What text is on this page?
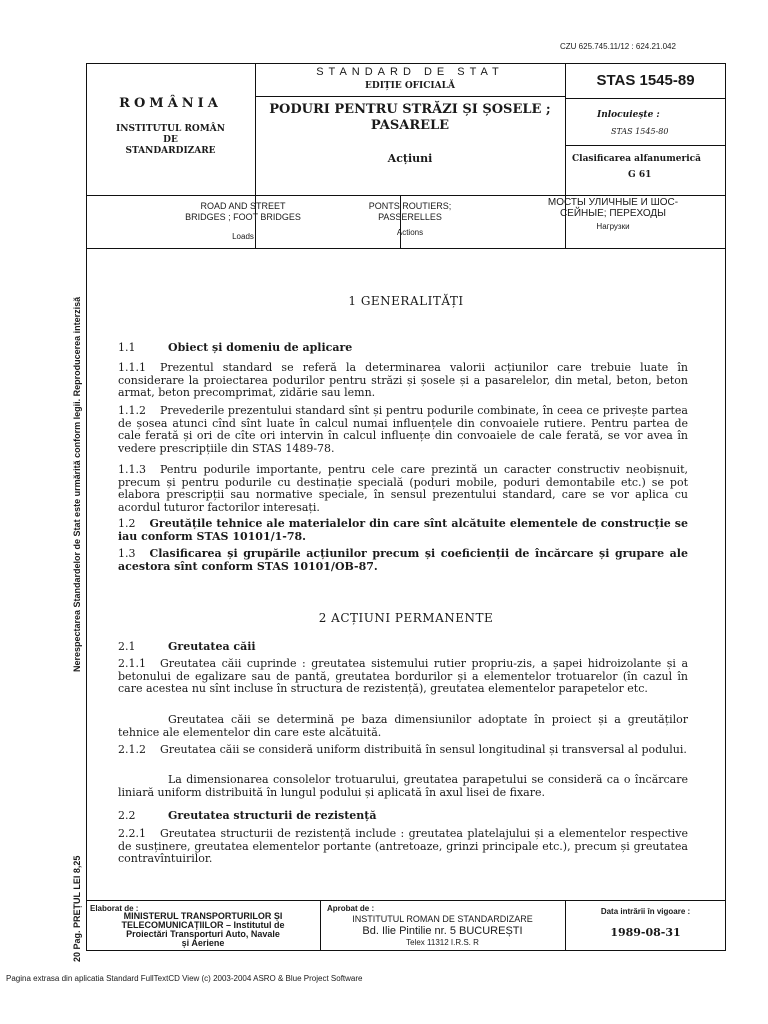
CZU 625.745.11/12 : 624.21.042
ROMÂNIA
INSTITUTUL ROMÂN
DE
STANDARDIZARE
STANDARD DE STAT
EDIȚIE OFICIALĂ
PODURI PENTRU STRĂZI ȘI ȘOSELE ;
PASARELE
Acțiuni
STAS 1545-89
Inlocuiește :
STAS 1545-80
Clasificarea alfanumerică
G 61
ROAD AND STREET
BRIDGES ; FOOT BRIDGES
Loads
PONTS ROUTIERS;
PASSERELLES
Actions
МОСТЫ УЛИЧНЫЕ И ШОС-
СЕЙНЫЕ; ПЕРЕХОДЫ
Нагрузки
1 GENERALITĂȚI
1.1	Obiect și domeniu de aplicare
1.1.1 Prezentul standard se referă la determinarea valorii acțiunilor care trebuie luate în considerare la proiectarea podurilor pentru străzi și șosele și a pasarelelor, din metal, beton, beton armat, beton precomprimat, zidărie sau lemn.
1.1.2 Prevederile prezentului standard sînt și pentru podurile combinate, în ceea ce privește partea de șosea atunci cînd sînt luate în calcul numai influențele din convoaiele rutiere. Pentru partea de cale ferată și ori de cîte ori intervin în calcul influențe din convoaiele de cale ferată, se vor avea în vedere prescripțiile din STAS 1489-78.
1.1.3 Pentru podurile importante, pentru cele care prezintă un caracter constructiv neobișnuit, precum și pentru podurile cu destinație specială (poduri mobile, poduri demontabile etc.) se pot elabora prescripții sau normative speciale, în sensul prezentului standard, care se vor aplica cu acordul tuturor factorilor interesați.
1.2 Greutățile tehnice ale materialelor din care sînt alcătuite elementele de construcție se iau conform STAS 10101/1-78.
1.3 Clasificarea și grupările acțiunilor precum și coeficienții de încărcare și grupare ale acestora sînt conform STAS 10101/OB-87.
2 ACȚIUNI PERMANENTE
2.1	Greutatea căii
2.1.1 Greutatea căii cuprinde : greutatea sistemului rutier propriu-zis, a șapei hidroizolante și a betonului de egalizare sau de pantă, greutatea bordurilor și a elementelor trotuarelor (în cazul în care acestea nu sînt incluse în structura de rezistență), greutatea elementelor parapetelor etc.
Greutatea căii se determină pe baza dimensiunilor adoptate în proiect și a greutăților tehnice ale elementelor din care este alcătuită.
2.1.2 Greutatea căii se consideră uniform distribuită în sensul longitudinal și transversal al podului.
La dimensionarea consolelor trotuarului, greutatea parapetului se consideră ca o încărcare liniară uniform distribuită în lungul podului și aplicată în axul lisei de fixare.
2.2	Greutatea structurii de rezistență
2.2.1 Greutatea structurii de rezistență include : greutatea platelajului și a elementelor respective de susținere, greutatea elementelor portante (antretoaze, grinzi principale etc.), precum și greutatea contravîntuirilor.
Elaborat de :
MINISTERUL TRANSPORTURILOR ȘI
TELECOMUNICAȚIILOR – Institutul de
Proiectări Transporturi Auto, Navale
și Aeriene
Aprobat de :
INSTITUTUL ROMAN DE STANDARDIZARE
Bd. Ilie Pintilie nr. 5 BUCUREȘTI
Telex 11312 I.R.S. R
Data intrării în vigoare :
1989-08-31
Nerespectarea Standardelor de Stat este urmărită conform legii. Reproducerea interzisă
20 Pag. PREȚUL LEI 8,25
Pagina extrasa din aplicatia Standard FullTextCD View (c) 2003-2004 ASRO & Blue Project Software
